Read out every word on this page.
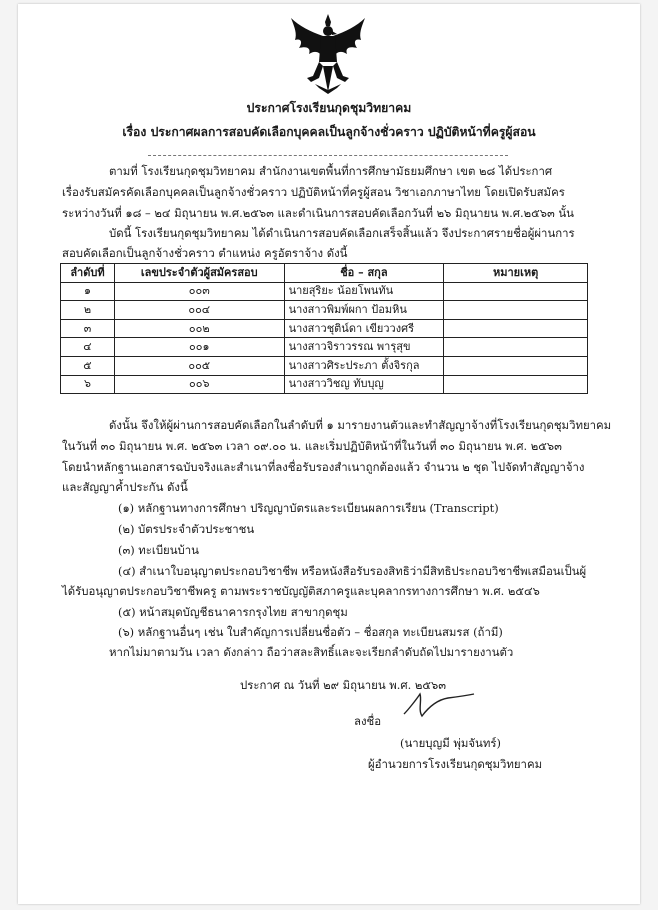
ประกาศโรงเรียนกุดชุมวิทยาคม
เรื่อง ประกาศผลการสอบคัดเลือกบุคคลเป็นลูกจ้างชั่วคราว ปฏิบัติหน้าที่ครูผู้สอน
ตามที่ โรงเรียนกุดชุมวิทยาคม สำนักงานเขตพื้นที่การศึกษามัธยมศึกษา เขต ๒๘ ได้ประกาศ
เรื่องรับสมัครคัดเลือกบุคคลเป็นลูกจ้างชั่วคราว ปฏิบัติหน้าที่ครูผู้สอน วิชาเอกภาษาไทย โดยเปิดรับสมัคร
ระหว่างวันที่ ๑๘ – ๒๔ มิถุนายน พ.ศ.๒๕๖๓ และดำเนินการสอบคัดเลือกวันที่ ๒๖ มิถุนายน พ.ศ.๒๕๖๓ นั้น
บัดนี้ โรงเรียนกุดชุมวิทยาคม ได้ดำเนินการสอบคัดเลือกเสร็จสิ้นแล้ว จึงประกาศรายชื่อผู้ผ่านการ
สอบคัดเลือกเป็นลูกจ้างชั่วคราว ตำแหน่ง ครูอัตราจ้าง ดังนี้
ลำดับที่	เลขประจำตัวผู้สมัครสอบ	ชื่อ – สกุล	หมายเหตุ
๑	๐๐๓	นายสุริยะ น้อยโพนทัน	
๒	๐๐๔	นางสาวพิมพ์ผกา ป้อมหิน	
๓	๐๐๒	นางสาวชุติน์ดา เขียววงศรี	
๔	๐๐๑	นางสาวจิราวรรณ พารุสุข	
๕	๐๐๕	นางสาวศิระประภา ตั้งจิรกุล	
๖	๐๐๖	นางสาววิชญ ทับบุญ	
ดังนั้น จึงให้ผู้ผ่านการสอบคัดเลือกในลำดับที่ ๑ มารายงานตัวและทำสัญญาจ้างที่โรงเรียนกุดชุมวิทยาคม
ในวันที่ ๓๐ มิถุนายน พ.ศ. ๒๕๖๓ เวลา ๐๙.๐๐ น. และเริ่มปฏิบัติหน้าที่ในวันที่ ๓๐ มิถุนายน พ.ศ. ๒๕๖๓
โดยนำหลักฐานเอกสารฉบับจริงและสำเนาที่ลงชื่อรับรองสำเนาถูกต้องแล้ว จำนวน ๒ ชุด ไปจัดทำสัญญาจ้าง
และสัญญาค้ำประกัน ดังนี้
(๑) หลักฐานทางการศึกษา ปริญญาบัตรและระเบียนผลการเรียน (Transcript)
(๒) บัตรประจำตัวประชาชน
(๓) ทะเบียนบ้าน
(๔) สำเนาใบอนุญาตประกอบวิชาชีพ หรือหนังสือรับรองสิทธิว่ามีสิทธิประกอบวิชาชีพเสมือนเป็นผู้
ได้รับอนุญาตประกอบวิชาชีพครู ตามพระราชบัญญัติสภาครูและบุคลากรทางการศึกษา พ.ศ. ๒๕๔๖
(๕) หน้าสมุดบัญชีธนาคารกรุงไทย สาขากุดชุม
(๖) หลักฐานอื่นๆ เช่น ใบสำคัญการเปลี่ยนชื่อตัว – ชื่อสกุล ทะเบียนสมรส (ถ้ามี)
หากไม่มาตามวัน เวลา ดังกล่าว ถือว่าสละสิทธิ์และจะเรียกลำดับถัดไปมารายงานตัว
ประกาศ ณ วันที่ ๒๙ มิถุนายน พ.ศ. ๒๕๖๓
ลงชื่อ
(นายบุญมี พุ่มจันทร์)
ผู้อำนวยการโรงเรียนกุดชุมวิทยาคม
